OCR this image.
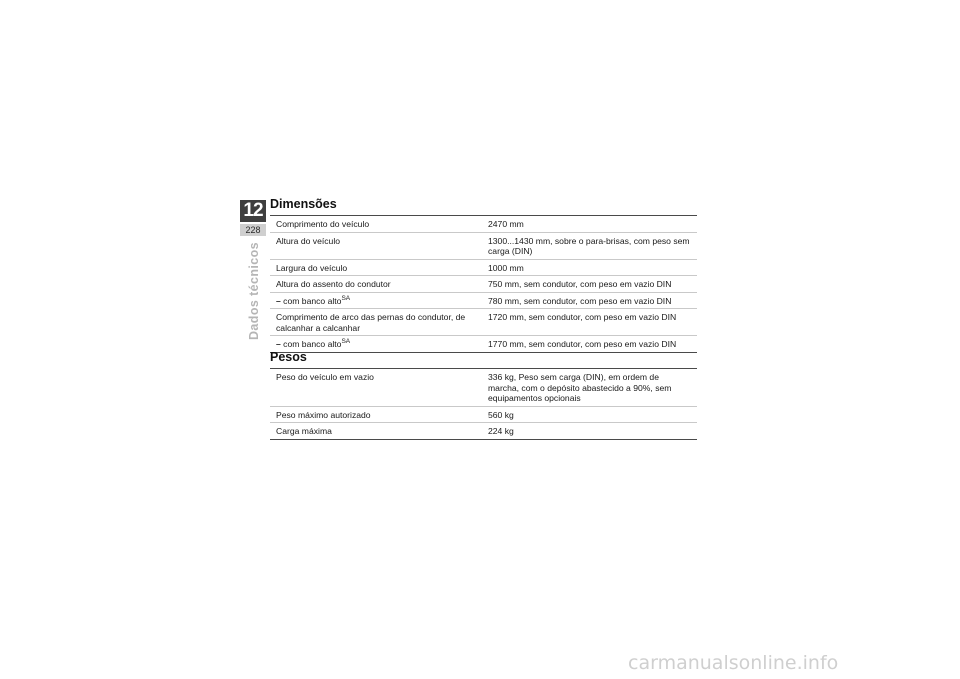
12
228
Dados técnicos
Dimensões
Comprimento do veículo	2470 mm
Altura do veículo	1300...1430 mm, sobre o para-brisas, com peso sem carga (DIN)
Largura do veículo	1000 mm
Altura do assento do condutor	750 mm, sem condutor, com peso em vazio DIN
– com banco alto$^{SA}$	780 mm, sem condutor, com peso em vazio DIN
Comprimento de arco das pernas do condutor, de calcanhar a calcanhar	1720 mm, sem condutor, com peso em vazio DIN
– com banco alto$^{SA}$	1770 mm, sem condutor, com peso em vazio DIN
Pesos
Peso do veículo em vazio	336 kg, Peso sem carga (DIN), em ordem de marcha, com o depósito abastecido a 90%, sem equipamentos opcionais
Peso máximo autorizado	560 kg
Carga máxima	224 kg
carmanualsonline.info
